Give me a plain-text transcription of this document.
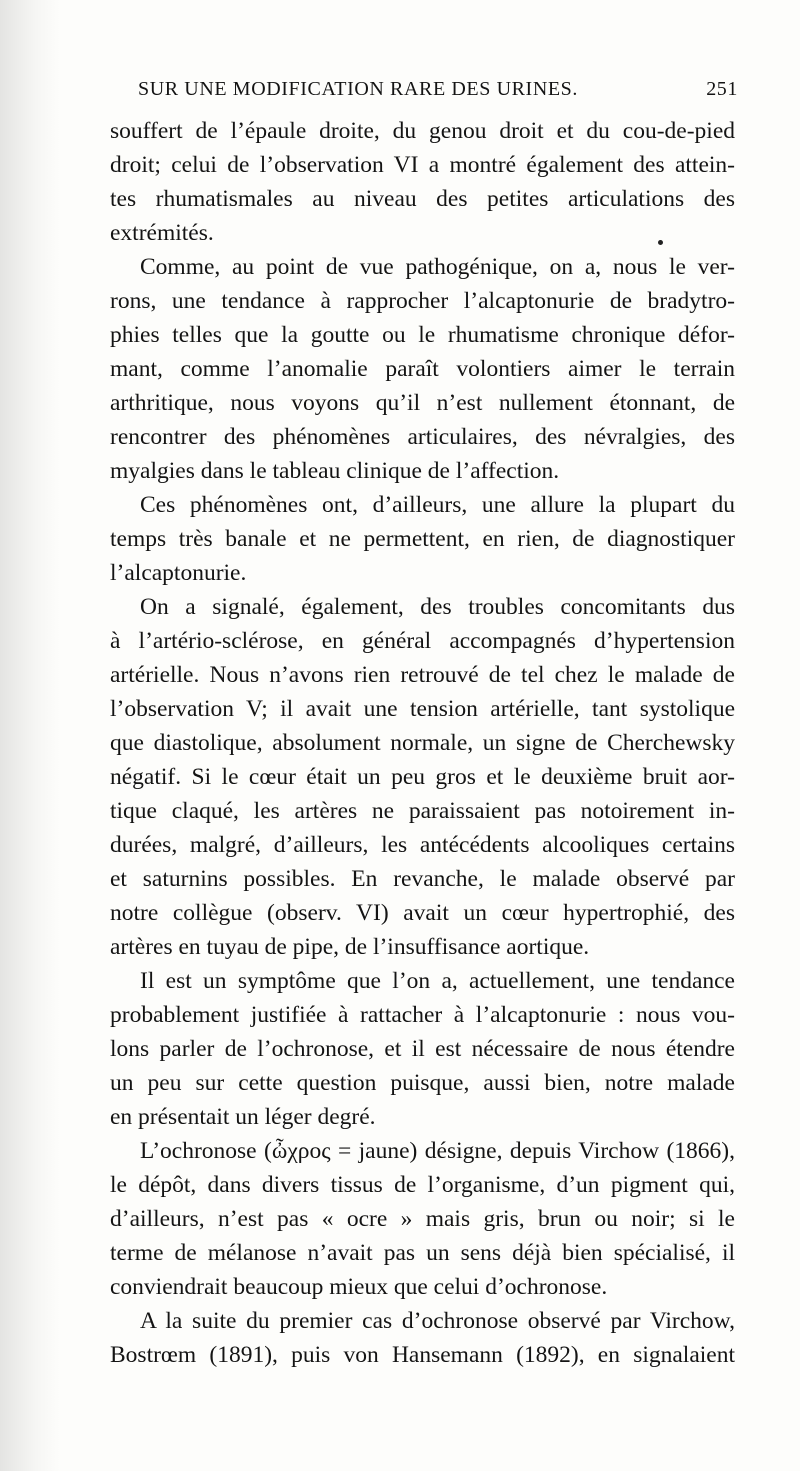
SUR UNE MODIFICATION RARE DES URINES.	251
souffert de l’épaule droite, du genou droit et du cou-de-pied
droit; celui de l’observation VI a montré également des attein-
tes rhumatismales au niveau des petites articulations des
extrémités.
Comme, au point de vue pathogénique, on a, nous le ver-
rons, une tendance à rapprocher l’alcaptonurie de bradytro-
phies telles que la goutte ou le rhumatisme chronique défor-
mant, comme l’anomalie paraît volontiers aimer le terrain
arthritique, nous voyons qu’il n’est nullement étonnant, de
rencontrer des phénomènes articulaires, des névralgies, des
myalgies dans le tableau clinique de l’affection.
Ces phénomènes ont, d’ailleurs, une allure la plupart du
temps très banale et ne permettent, en rien, de diagnostiquer
l’alcaptonurie.
On a signalé, également, des troubles concomitants dus
à l’artério-sclérose, en général accompagnés d’hypertension
artérielle. Nous n’avons rien retrouvé de tel chez le malade de
l’observation V; il avait une tension artérielle, tant systolique
que diastolique, absolument normale, un signe de Cherchewsky
négatif. Si le cœur était un peu gros et le deuxième bruit aor-
tique claqué, les artères ne paraissaient pas notoirement in-
durées, malgré, d’ailleurs, les antécédents alcooliques certains
et saturnins possibles. En revanche, le malade observé par
notre collègue (observ. VI) avait un cœur hypertrophié, des
artères en tuyau de pipe, de l’insuffisance aortique.
Il est un symptôme que l’on a, actuellement, une tendance
probablement justifiée à rattacher à l’alcaptonurie : nous vou-
lons parler de l’ochronose, et il est nécessaire de nous étendre
un peu sur cette question puisque, aussi bien, notre malade
en présentait un léger degré.
L’ochronose (ὦχρος = jaune) désigne, depuis Virchow (1866),
le dépôt, dans divers tissus de l’organisme, d’un pigment qui,
d’ailleurs, n’est pas « ocre » mais gris, brun ou noir; si le
terme de mélanose n’avait pas un sens déjà bien spécialisé, il
conviendrait beaucoup mieux que celui d’ochronose.
A la suite du premier cas d’ochronose observé par Virchow,
Bostrœm (1891), puis von Hansemann (1892), en signalaient
